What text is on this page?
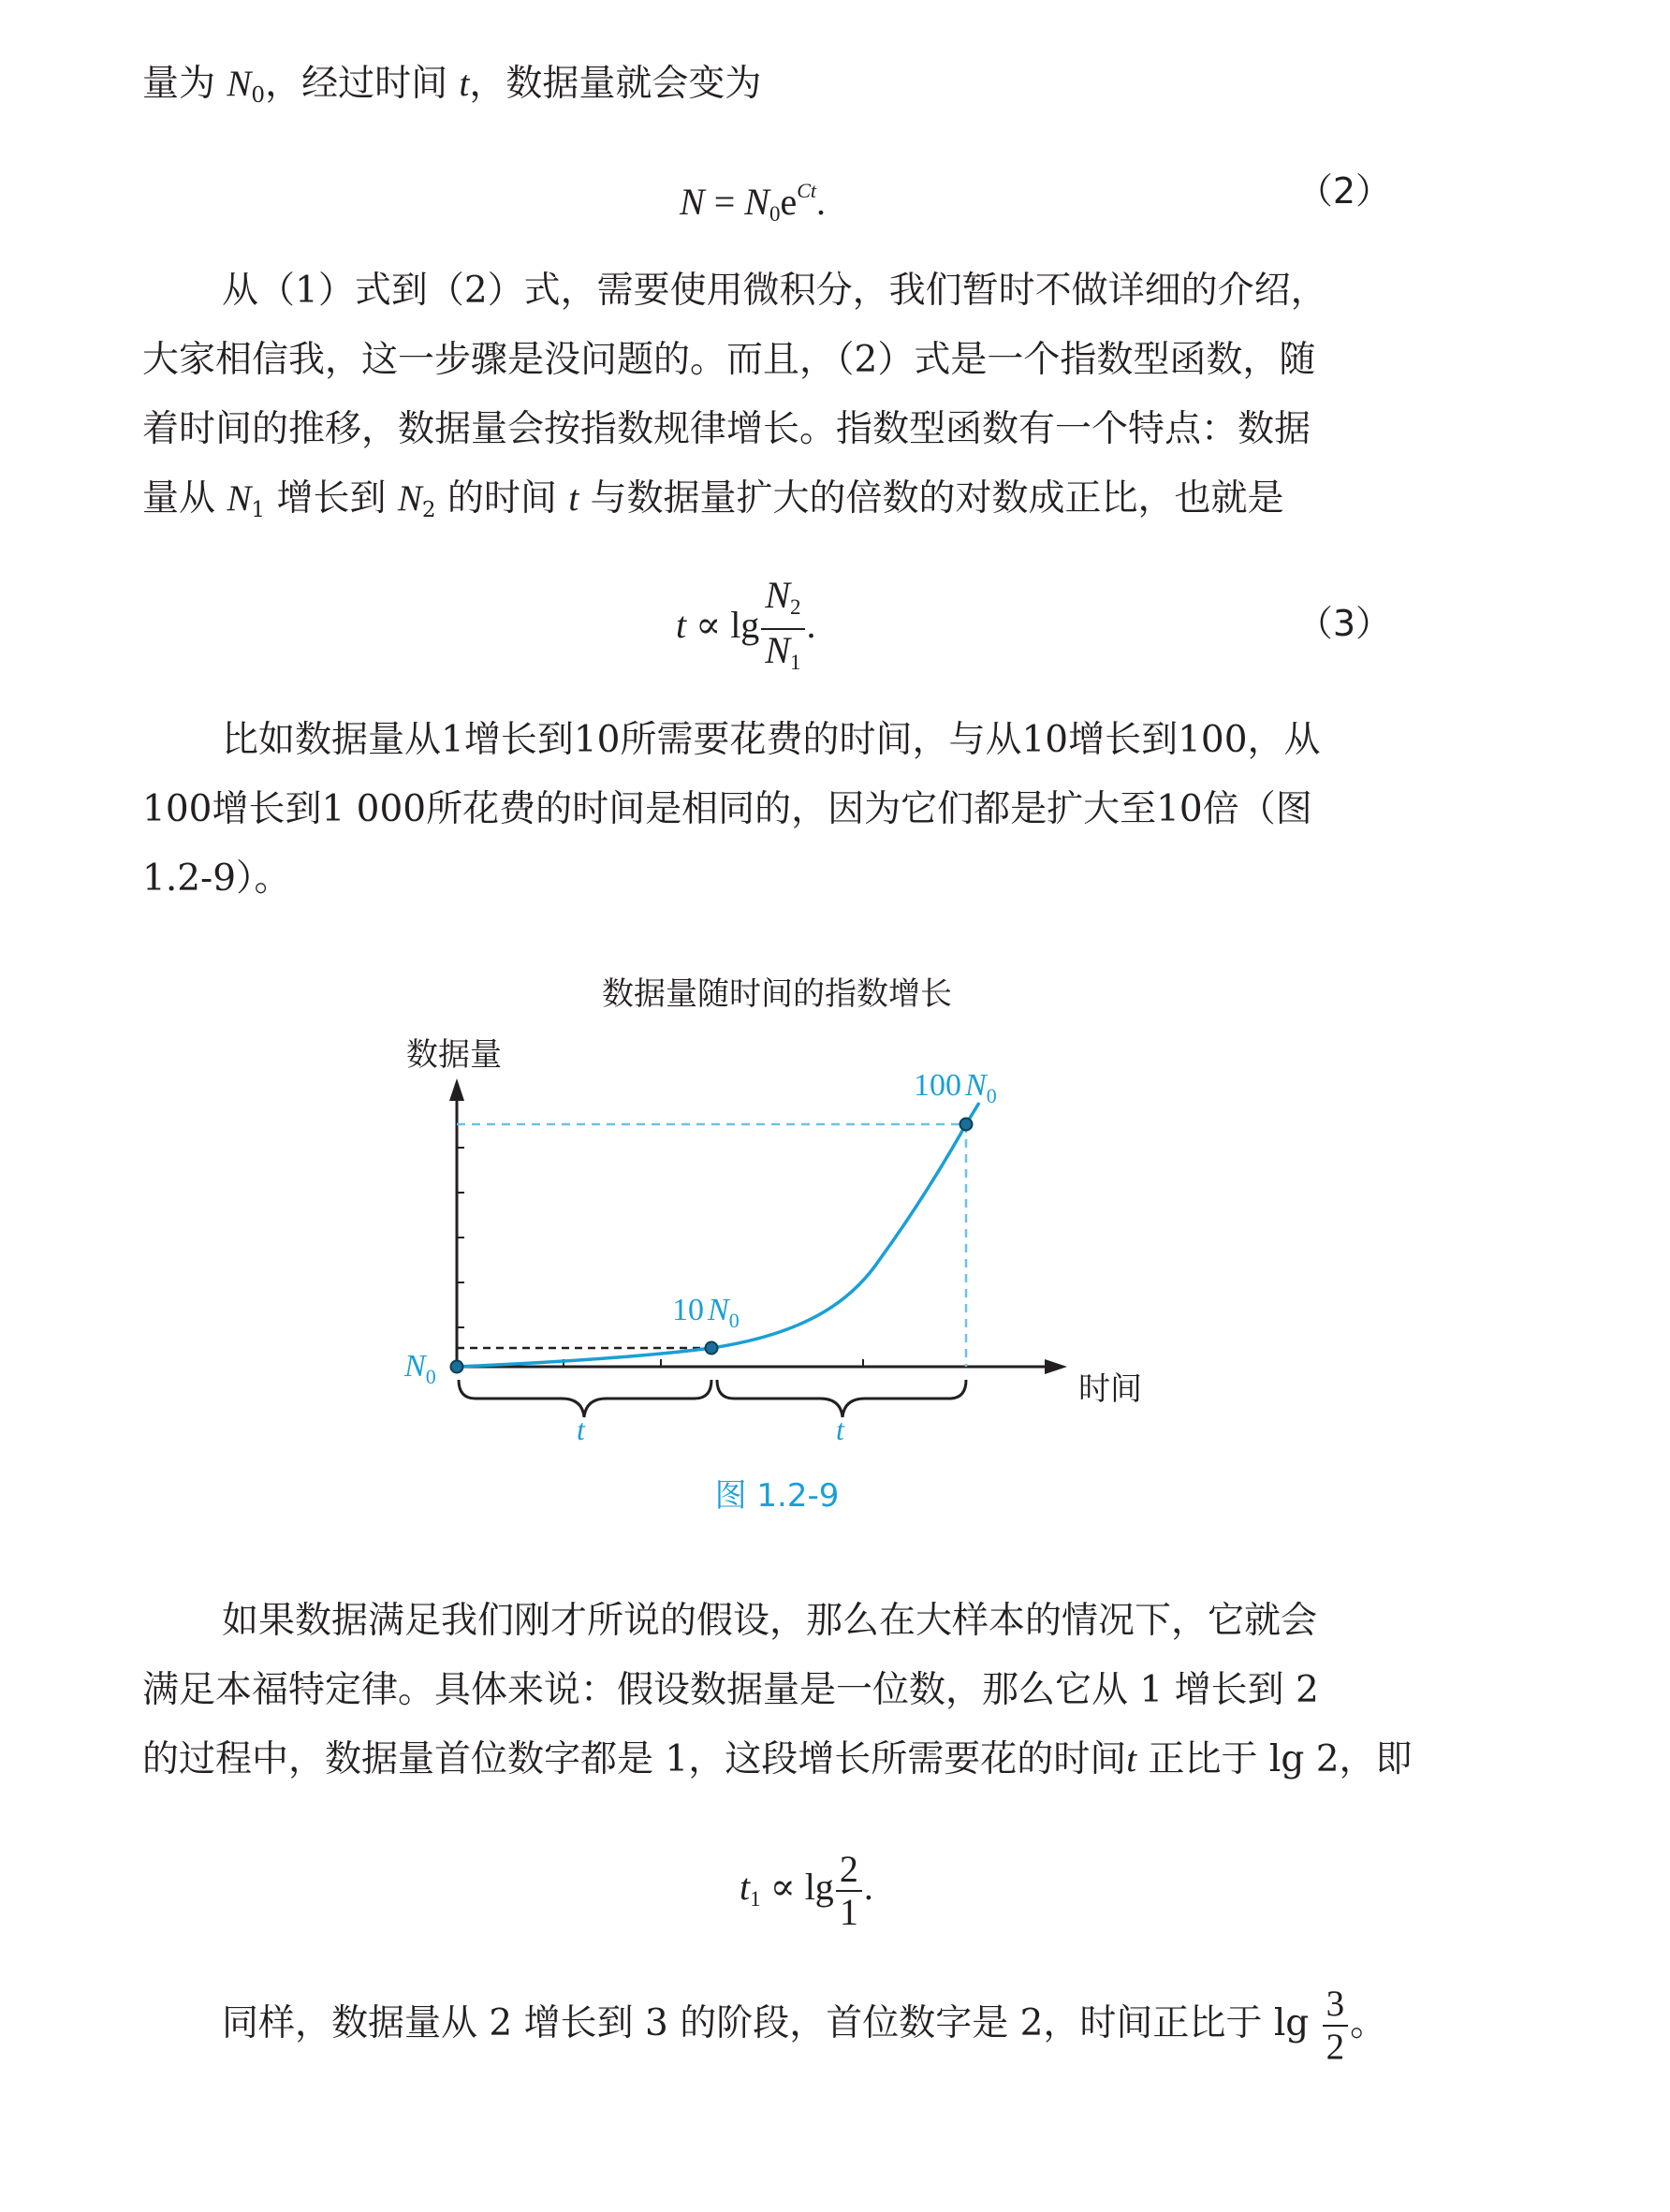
量为 $N_0$，经过时间 t，数据量就会变为

$N = N_0e^{Ct}$.	（2）

从（1）式到（2）式，需要使用微积分，我们暂时不做详细的介绍，

大家相信我，这一步骤是没问题的。而且，（2）式是一个指数型函数，随

着时间的推移，数据量会按指数规律增长。指数型函数有一个特点：数据

量从 $N_1$ 增长到 $N_2$ 的时间 t 与数据量扩大的倍数的对数成正比，也就是

$t \propto \lg \frac{N_2}{N_1}$ .	（3）

比如数据量从1增长到10所需要花费的时间，与从10增长到100，从

100增长到1 000所花费的时间是相同的，因为它们都是扩大至10倍（图

1.2-9）。

数据量随时间的指数增长
数据量
时间
$N_0$
10 $N_0$
100 $N_0$
t	t
图 1.2-9

如果数据满足我们刚才所说的假设，那么在大样本的情况下，它就会

满足本福特定律。具体来说：假设数据量是一位数，那么它从 1 增长到 2

的过程中，数据量首位数字都是 1，这段增长所需要花的时间t 正比于 lg 2，即

$t_1 \propto \lg \frac{2}{1}$ .

同样，数据量从 2 增长到 3 的阶段，首位数字是 2，时间正比于 $\lg \frac{3}{2}$ 。
